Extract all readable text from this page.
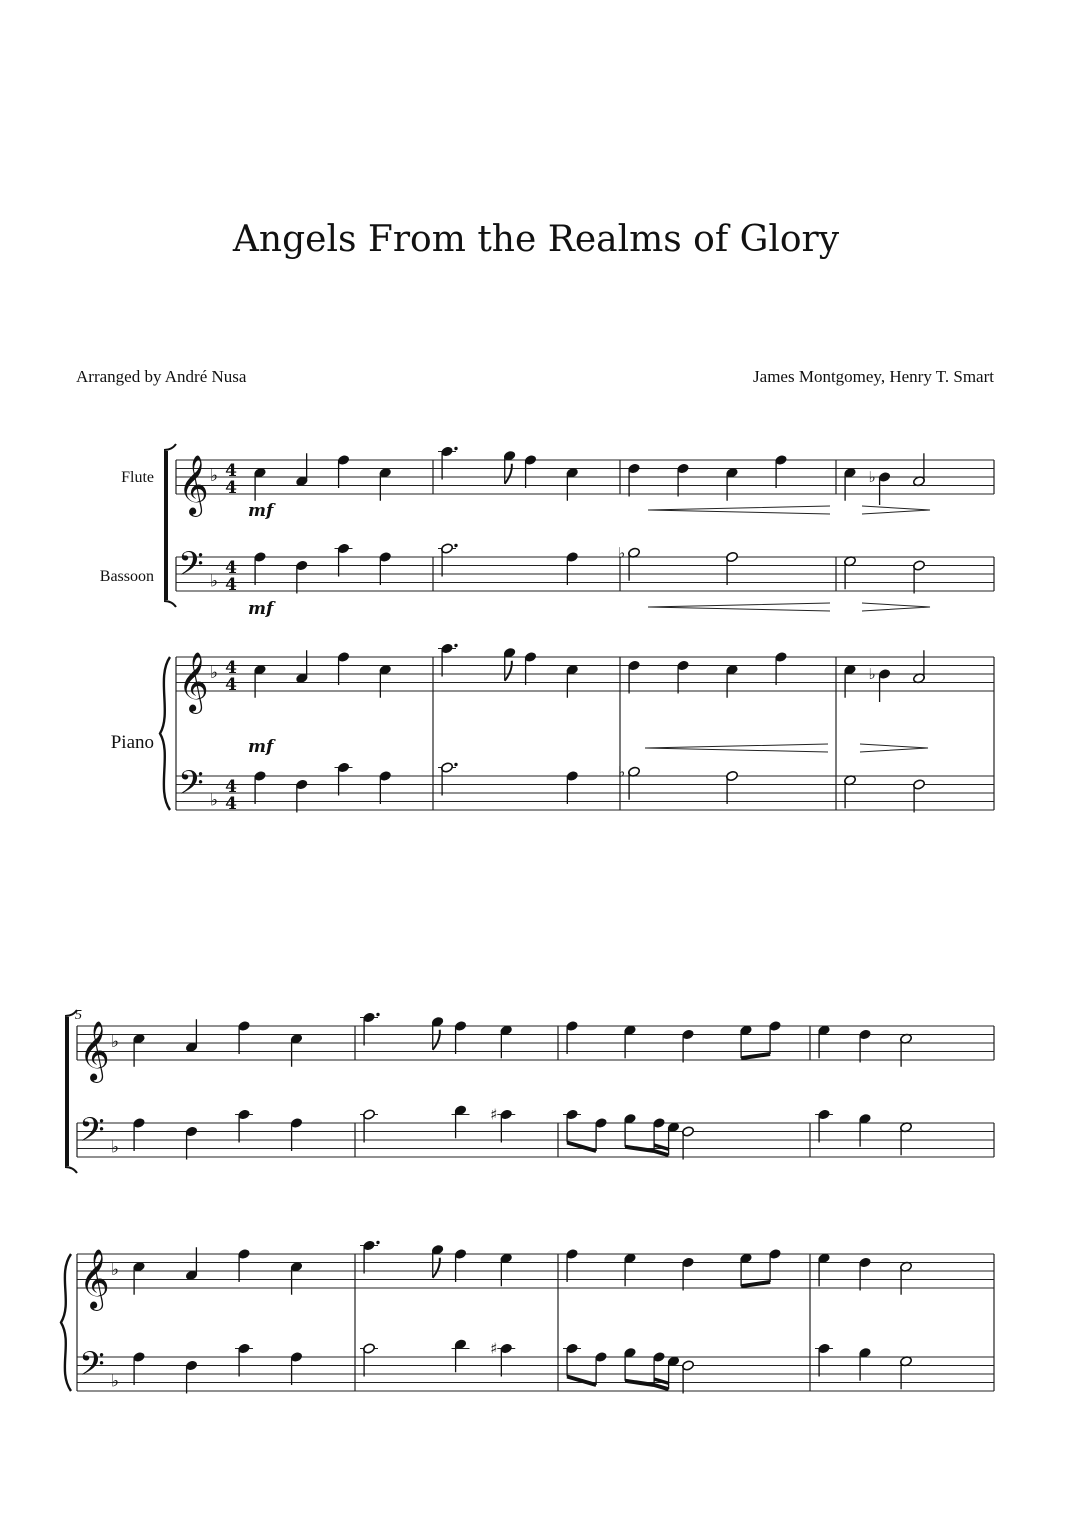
Angels From the Realms of Glory
Arranged by André Nusa	James Montgomey, Henry T. Smart
𝄞 ♭ 4
4
𝄢 ♭
4
4
𝄞 ♭ 4
4
𝄢 ♭
4
4
♭
♭
♭
♭
mf
mf
mf
𝄞 ♭
𝄢 ♭
𝄞 ♭
𝄢 ♭
♯
♯
Flute
Bassoon
Piano
5
